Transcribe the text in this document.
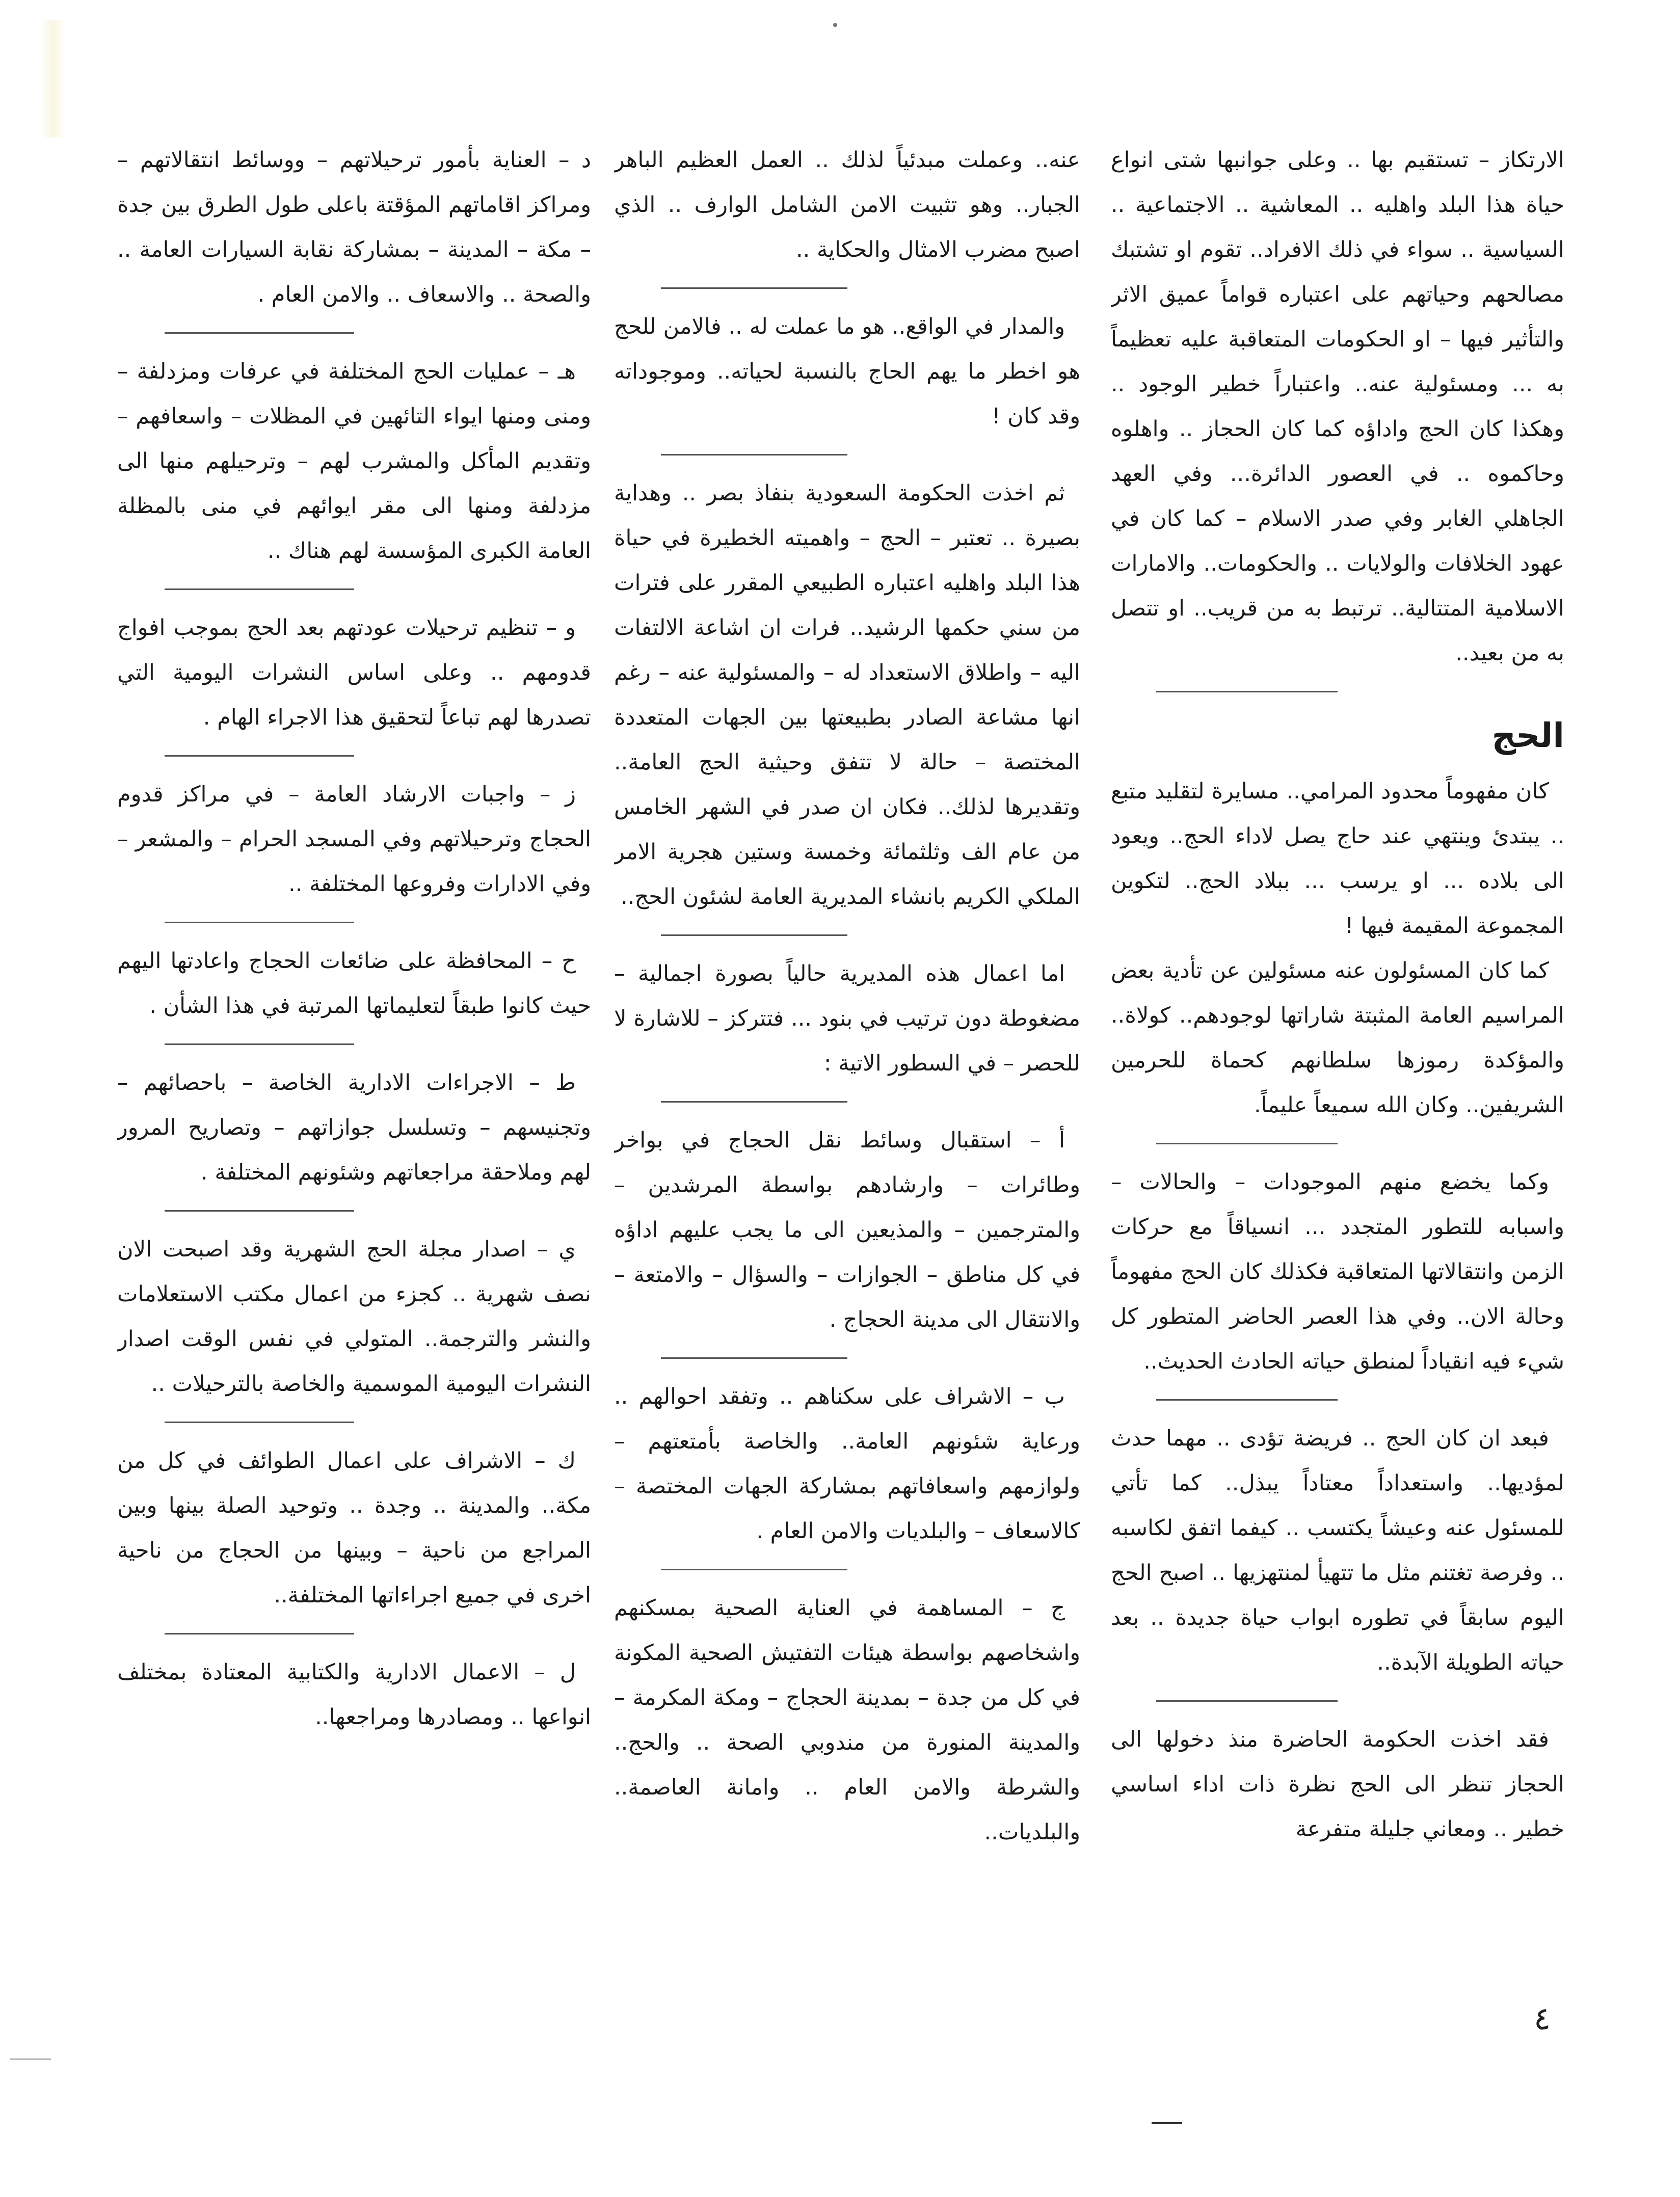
الارتكاز – تستقيم بها .. وعلى جوانبها شتى انواع حياة هذا البلد واهليه .. المعاشية .. الاجتماعية .. السياسية .. سواء في ذلك الافراد.. تقوم او تشتبك مصالحهم وحياتهم على اعتباره قواماً عميق الاثر والتأثير فيها – او الحكومات المتعاقبة عليه تعظيماً به ... ومسئولية عنه.. واعتباراً خطير الوجود .. وهكذا كان الحج واداؤه كما كان الحجاز .. واهلوه وحاكموه .. في العصور الدائرة... وفي العهد الجاهلي الغابر وفي صدر الاسلام – كما كان في عهود الخلافات والولايات .. والحكومات.. والامارات الاسلامية المتتالية.. ترتبط به من قريب.. او تتصل به من بعيد..

الحج

كان مفهوماً محدود المرامي.. مسايرة لتقليد متبع .. يبتدئ وينتهي عند حاج يصل لاداء الحج.. ويعود الى بلاده ... او يرسب ... ببلاد الحج.. لتكوين المجموعة المقيمة فيها !

كما كان المسئولون عنه مسئولين عن تأدية بعض المراسيم العامة المثبتة شاراتها لوجودهم.. كولاة.. والمؤكدة رموزها سلطانهم كحماة للحرمين الشريفين.. وكان الله سميعاً عليماً.

وكما يخضع منهم الموجودات – والحالات – واسبابه للتطور المتجدد ... انسياقاً مع حركات الزمن وانتقالاتها المتعاقبة فكذلك كان الحج مفهوماً وحالة الان.. وفي هذا العصر الحاضر المتطور كل شيء فيه انقياداً لمنطق حياته الحادث الحديث..

فبعد ان كان الحج .. فريضة تؤدى .. مهما حدث لمؤديها.. واستعداداً معتاداً يبذل.. كما تأتي للمسئول عنه وعيشاً يكتسب .. كيفما اتفق لكاسبه .. وفرصة تغتنم مثل ما تتهيأ لمنتهزيها .. اصبح الحج اليوم سابقاً في تطوره ابواب حياة جديدة .. بعد حياته الطويلة الآبدة..

فقد اخذت الحكومة الحاضرة منذ دخولها الى الحجاز تنظر الى الحج نظرة ذات اداء اساسي خطير .. ومعاني جليلة متفرعة

عنه.. وعملت مبدئياً لذلك .. العمل العظيم الباهر الجبار.. وهو تثبيت الامن الشامل الوارف .. الذي اصبح مضرب الامثال والحكاية ..

والمدار في الواقع.. هو ما عملت له .. فالامن للحج هو اخطر ما يهم الحاج بالنسبة لحياته.. وموجوداته وقد كان !

ثم اخذت الحكومة السعودية بنفاذ بصر .. وهداية بصيرة .. تعتبر – الحج – واهميته الخطيرة في حياة هذا البلد واهليه اعتباره الطبيعي المقرر على فترات من سني حكمها الرشيد.. فرات ان اشاعة الالتفات اليه – واطلاق الاستعداد له – والمسئولية عنه – رغم انها مشاعة الصادر بطبيعتها بين الجهات المتعددة المختصة – حالة لا تتفق وحيثية الحج العامة.. وتقديرها لذلك.. فكان ان صدر في الشهر الخامس من عام الف وثلثمائة وخمسة وستين هجرية الامر الملكي الكريم بانشاء المديرية العامة لشئون الحج..

اما اعمال هذه المديرية حالياً بصورة اجمالية – مضغوطة دون ترتيب في بنود ... فتتركز – للاشارة لا للحصر – في السطور الاتية :

أ – استقبال وسائط نقل الحجاج في بواخر وطائرات – وارشادهم بواسطة المرشدين – والمترجمين – والمذيعين الى ما يجب عليهم اداؤه في كل مناطق – الجوازات – والسؤال – والامتعة – والانتقال الى مدينة الحجاج .

ب – الاشراف على سكناهم .. وتفقد احوالهم .. ورعاية شئونهم العامة.. والخاصة بأمتعتهم – ولوازمهم واسعافاتهم بمشاركة الجهات المختصة – كالاسعاف – والبلديات والامن العام .

ج – المساهمة في العناية الصحية بمسكنهم واشخاصهم بواسطة هيئات التفتيش الصحية المكونة في كل من جدة – بمدينة الحجاج – ومكة المكرمة – والمدينة المنورة من مندوبي الصحة .. والحج.. والشرطة والامن العام .. وامانة العاصمة.. والبلديات..

د – العناية بأمور ترحيلاتهم – ووسائط انتقالاتهم – ومراكز اقاماتهم المؤقتة باعلى طول الطرق بين جدة – مكة – المدينة – بمشاركة نقابة السيارات العامة .. والصحة .. والاسعاف .. والامن العام .

هـ – عمليات الحج المختلفة في عرفات ومزدلفة – ومنى ومنها ايواء التائهين في المظلات – واسعافهم – وتقديم المأكل والمشرب لهم – وترحيلهم منها الى مزدلفة ومنها الى مقر ايوائهم في منى بالمظلة العامة الكبرى المؤسسة لهم هناك ..

و – تنظيم ترحيلات عودتهم بعد الحج بموجب افواج قدومهم .. وعلى اساس النشرات اليومية التي تصدرها لهم تباعاً لتحقيق هذا الاجراء الهام .

ز – واجبات الارشاد العامة – في مراكز قدوم الحجاج وترحيلاتهم وفي المسجد الحرام – والمشعر – وفي الادارات وفروعها المختلفة ..

ح – المحافظة على ضائعات الحجاج واعادتها اليهم حيث كانوا طبقاً لتعليماتها المرتبة في هذا الشأن .

ط – الاجراءات الادارية الخاصة – باحصائهم – وتجنيسهم – وتسلسل جوازاتهم – وتصاريح المرور لهم وملاحقة مراجعاتهم وشئونهم المختلفة .

ي – اصدار مجلة الحج الشهرية وقد اصبحت الان نصف شهرية .. كجزء من اعمال مكتب الاستعلامات والنشر والترجمة.. المتولي في نفس الوقت اصدار النشرات اليومية الموسمية والخاصة بالترحيلات ..

ك – الاشراف على اعمال الطوائف في كل من مكة.. والمدينة .. وجدة .. وتوحيد الصلة بينها وبين المراجع من ناحية – وبينها من الحجاج من ناحية اخرى في جميع اجراءاتها المختلفة..

ل – الاعمال الادارية والكتابية المعتادة بمختلف انواعها .. ومصادرها ومراجعها..

٤
